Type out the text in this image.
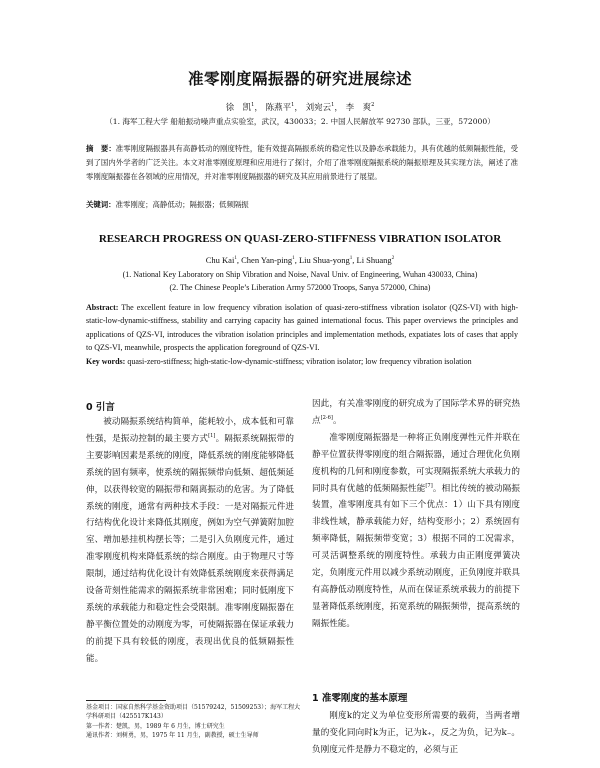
准零刚度隔振器的研究进展综述
徐　凯$^1$， 陈燕平$^1$， 刘宛云$^1$， 李　爽$^2$
（1. 海军工程大学 船舶振动噪声重点实验室，武汉，430033；2. 中国人民解放军 92730 部队，三亚，572000）
摘　要：准零刚度隔振器具有高静低动的刚度特性，能有效提高隔振系统的稳定性以及静态承载能力，具有优越的低频隔振性能，受到了国内外学者的广泛关注。本文对准零刚度原理和应用进行了探讨，介绍了准零刚度隔振系统的隔振原理及其实现方法，阐述了准零刚度隔振器在各领域的应用情况，并对准零刚度隔振器的研究及其应用前景进行了展望。
关键词：准零刚度；高静低动；隔振器；低频隔振
RESEARCH PROGRESS ON QUASI-ZERO-STIFFNESS VIBRATION ISOLATOR
Chu Kai$^1$, Chen Yan-ping$^1$, Liu Shua-yong$^1$, Li Shuang$^2$
(1. National Key Laboratory on Ship Vibration and Noise, Naval Univ. of Engineering, Wuhan 430033, China)
(2. The Chinese People’s Liberation Army 572000 Troops, Sanya 572000, China)
Abstract: The excellent feature in low frequency vibration isolation of quasi-zero-stiffness vibration isolator (QZS-VI) with high-static-low-dynamic-stiffness, stability and carrying capacity has gained international focus. This paper overviews the principles and applications of QZS-VI, introduces the vibration isolation principles and implementation methods, expatiates lots of cases that apply to QZS-VI, meanwhile, prospects the application foreground of QZS-VI.
Key words: quasi-zero-stiffness; high-static-low-dynamic-stiffness; vibration isolator; low frequency vibration isolation
0 引言

被动隔振系统结构简单，能耗较小，成本低和可靠性强，是振动控制的最主要方式[1]。隔振系统隔振带的主要影响因素是系统的刚度，降低系统的刚度能够降低系统的固有频率，使系统的隔振频带向低频、超低频延伸，以获得较宽的隔振带和隔离振动的危害。为了降低系统的刚度，通常有两种技术手段：一是对隔振元件进行结构优化设计来降低其刚度，例如为空气弹簧附加腔室、增加悬挂机构摆长等；二是引入负刚度元件，通过准零刚度机构来降低系统的综合刚度。由于物理尺寸等限制，通过结构优化设计有效降低系统刚度来获得满足设备苛刻性能需求的隔振系统非常困难；同时低刚度下系统的承载能力和稳定性会受限制。准零刚度隔振器在静平衡位置处的动刚度为零，可使隔振器在保证承载力的前提下具有较低的刚度，表现出优良的低频隔振性能。

因此，有关准零刚度的研究成为了国际学术界的研究热点[2-6]。

准零刚度隔振器是一种将正负刚度弹性元件并联在静平位置获得零刚度的组合隔振器，通过合理优化负刚度机构的几何和刚度参数，可实现隔振系统大承载力的同时具有优越的低频隔振性能[7]。相比传统的被动隔振装置，准零刚度具有如下三个优点：1）山下具有刚度非线性域，静承载能力好，结构变形小；2）系统固有频率降低，隔振频带变宽；3）根据不同的工况需求，可灵活调整系统的刚度特性。承载力由正刚度弹簧决定，负刚度元件用以减少系统动刚度，正负刚度并联具有高静低动刚度特性，从而在保证系统承载力的前提下显著降低系统刚度，拓宽系统的隔振频带，提高系统的隔振性能。

1 准零刚度的基本原理

刚度k的定义为单位变形所需要的载荷，当两者增量的变化同向时k为正，记为k₊，反之为负，记为k₋。负刚度元件是静力不稳定的，必须与正

基金项目：国家自然科学基金资助项目（51579242，51509253）；海军工程大学科研项目（425517K143）

第一作者：楚凯，男，1989 年 6 月生，博士研究生

通讯作者：刘树勇，男，1975 年 11 月生，副教授，硕士生导师
